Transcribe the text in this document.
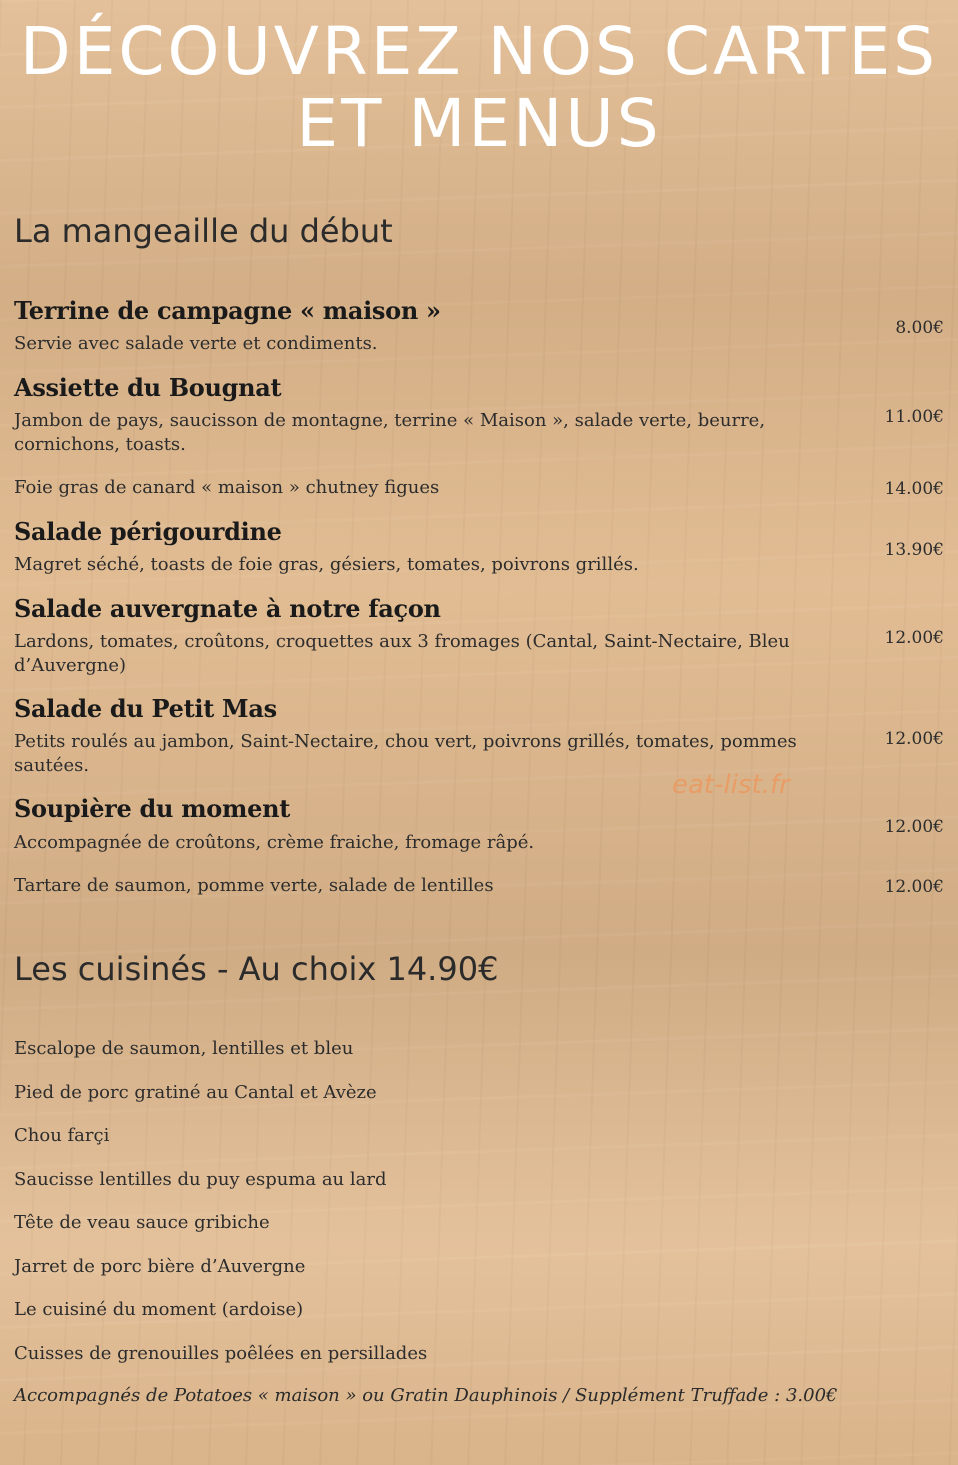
DÉCOUVREZ NOS CARTES
ET MENUS
La mangeaille du début
Terrine de campagne « maison »
Servie avec salade verte et condiments.
8.00€
Assiette du Bougnat
Jambon de pays, saucisson de montagne, terrine « Maison », salade verte, beurre, cornichons, toasts.
11.00€
Foie gras de canard « maison » chutney figues	14.00€
Salade périgourdine
Magret séché, toasts de foie gras, gésiers, tomates, poivrons grillés.
13.90€
Salade auvergnate à notre façon
Lardons, tomates, croûtons, croquettes aux 3 fromages (Cantal, Saint-Nectaire, Bleu d’Auvergne)
12.00€
Salade du Petit Mas
Petits roulés au jambon, Saint-Nectaire, chou vert, poivrons grillés, tomates, pommes sautées.
12.00€
Soupière du moment
Accompagnée de croûtons, crème fraiche, fromage râpé.
12.00€
Tartare de saumon, pomme verte, salade de lentilles	12.00€
eat-list.fr
Les cuisinés - Au choix 14.90€
Escalope de saumon, lentilles et bleu
Pied de porc gratiné au Cantal et Avèze
Chou farçi
Saucisse lentilles du puy espuma au lard
Tête de veau sauce gribiche
Jarret de porc bière d’Auvergne
Le cuisiné du moment (ardoise)
Cuisses de grenouilles poêlées en persillades
Accompagnés de Potatoes « maison » ou Gratin Dauphinois / Supplément Truffade : 3.00€
